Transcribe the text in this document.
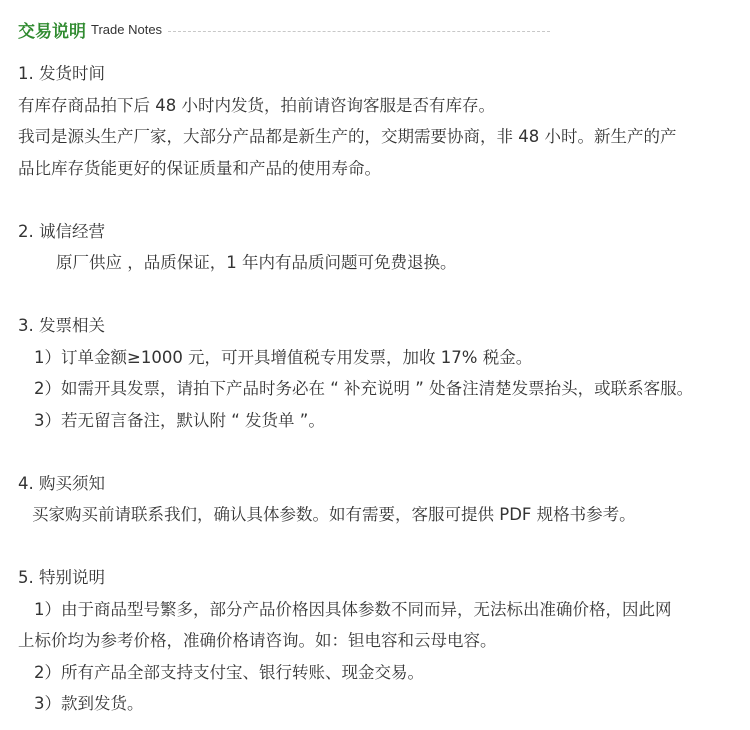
交易说明 Trade Notes
1. 发货时间
有库存商品拍下后 48 小时内发货，拍前请咨询客服是否有库存。
我司是源头生产厂家，大部分产品都是新生产的，交期需要协商，非 48 小时。新生产的产
品比库存货能更好的保证质量和产品的使用寿命。
2. 诚信经营
原厂供应 ，品质保证，1 年内有品质问题可免费退换。
3. 发票相关
1）订单金额≥1000 元，可开具增值税专用发票，加收 17% 税金。
2）如需开具发票，请拍下产品时务必在 “ 补充说明 ” 处备注清楚发票抬头，或联系客服。
3）若无留言备注，默认附 “ 发货单 ”。
4. 购买须知
买家购买前请联系我们，确认具体参数。如有需要，客服可提供 PDF 规格书参考。
5. 特别说明
1）由于商品型号繁多，部分产品价格因具体参数不同而异，无法标出准确价格，因此网
上标价均为参考价格，准确价格请咨询。如：钽电容和云母电容。
2）所有产品全部支持支付宝、银行转账、现金交易。
3）款到发货。
